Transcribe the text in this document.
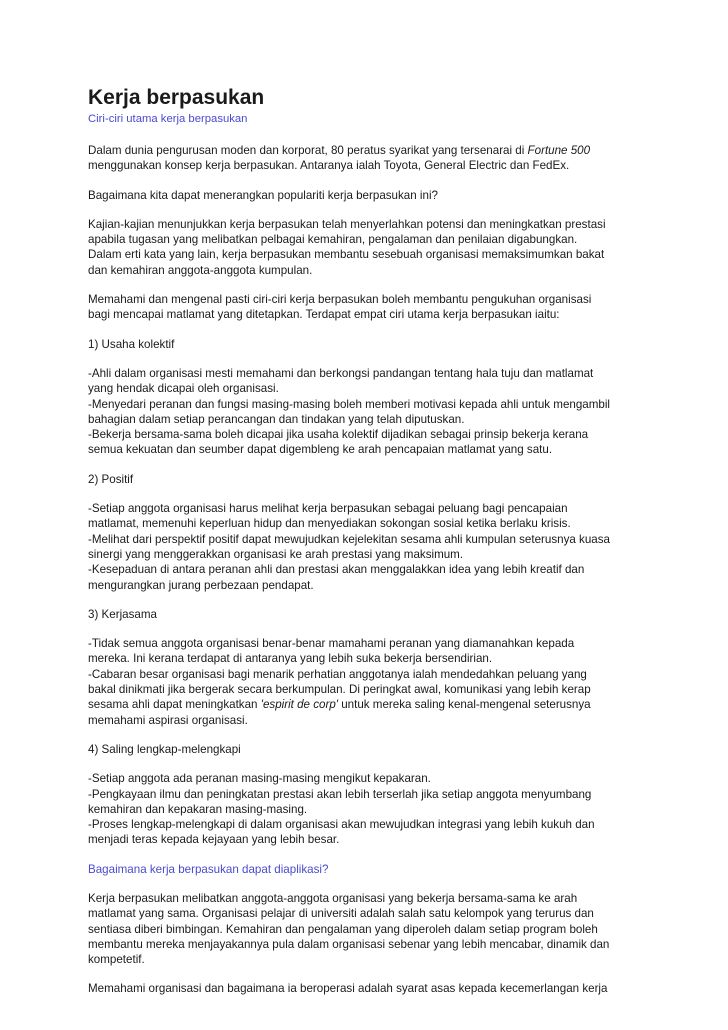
Kerja berpasukan
Ciri-ciri utama kerja berpasukan

Dalam dunia pengurusan moden dan korporat, 80 peratus syarikat yang tersenarai di Fortune 500
menggunakan konsep kerja berpasukan. Antaranya ialah Toyota, General Electric dan FedEx.

Bagaimana kita dapat menerangkan populariti kerja berpasukan ini?

Kajian-kajian menunjukkan kerja berpasukan telah menyerlahkan potensi dan meningkatkan prestasi
apabila tugasan yang melibatkan pelbagai kemahiran, pengalaman dan penilaian digabungkan.
Dalam erti kata yang lain, kerja berpasukan membantu sesebuah organisasi memaksimumkan bakat
dan kemahiran anggota-anggota kumpulan.

Memahami dan mengenal pasti ciri-ciri kerja berpasukan boleh membantu pengukuhan organisasi
bagi mencapai matlamat yang ditetapkan. Terdapat empat ciri utama kerja berpasukan iaitu:

1) Usaha kolektif

-Ahli dalam organisasi mesti memahami dan berkongsi pandangan tentang hala tuju dan matlamat
yang hendak dicapai oleh organisasi.
-Menyedari peranan dan fungsi masing-masing boleh memberi motivasi kepada ahli untuk mengambil
bahagian dalam setiap perancangan dan tindakan yang telah diputuskan.
-Bekerja bersama-sama boleh dicapai jika usaha kolektif dijadikan sebagai prinsip bekerja kerana
semua kekuatan dan seumber dapat digembleng ke arah pencapaian matlamat yang satu.

2) Positif

-Setiap anggota organisasi harus melihat kerja berpasukan sebagai peluang bagi pencapaian
matlamat, memenuhi keperluan hidup dan menyediakan sokongan sosial ketika berlaku krisis.
-Melihat dari perspektif positif dapat mewujudkan kejelekitan sesama ahli kumpulan seterusnya kuasa
sinergi yang menggerakkan organisasi ke arah prestasi yang maksimum.
-Kesepaduan di antara peranan ahli dan prestasi akan menggalakkan idea yang lebih kreatif dan
mengurangkan jurang perbezaan pendapat.

3) Kerjasama

-Tidak semua anggota organisasi benar-benar mamahami peranan yang diamanahkan kepada
mereka. Ini kerana terdapat di antaranya yang lebih suka bekerja bersendirian.
-Cabaran besar organisasi bagi menarik perhatian anggotanya ialah mendedahkan peluang yang
bakal dinikmati jika bergerak secara berkumpulan. Di peringkat awal, komunikasi yang lebih kerap
sesama ahli dapat meningkatkan 'espirit de corp' untuk mereka saling kenal-mengenal seterusnya
memahami aspirasi organisasi.

4) Saling lengkap-melengkapi

-Setiap anggota ada peranan masing-masing mengikut kepakaran.
-Pengkayaan ilmu dan peningkatan prestasi akan lebih terserlah jika setiap anggota menyumbang
kemahiran dan kepakaran masing-masing.
-Proses lengkap-melengkapi di dalam organisasi akan mewujudkan integrasi yang lebih kukuh dan
menjadi teras kepada kejayaan yang lebih besar.

Bagaimana kerja berpasukan dapat diaplikasi?

Kerja berpasukan melibatkan anggota-anggota organisasi yang bekerja bersama-sama ke arah
matlamat yang sama. Organisasi pelajar di universiti adalah salah satu kelompok yang terurus dan
sentiasa diberi bimbingan. Kemahiran dan pengalaman yang diperoleh dalam setiap program boleh
membantu mereka menjayakannya pula dalam organisasi sebenar yang lebih mencabar, dinamik dan
kompetetif.

Memahami organisasi dan bagaimana ia beroperasi adalah syarat asas kepada kecemerlangan kerja
